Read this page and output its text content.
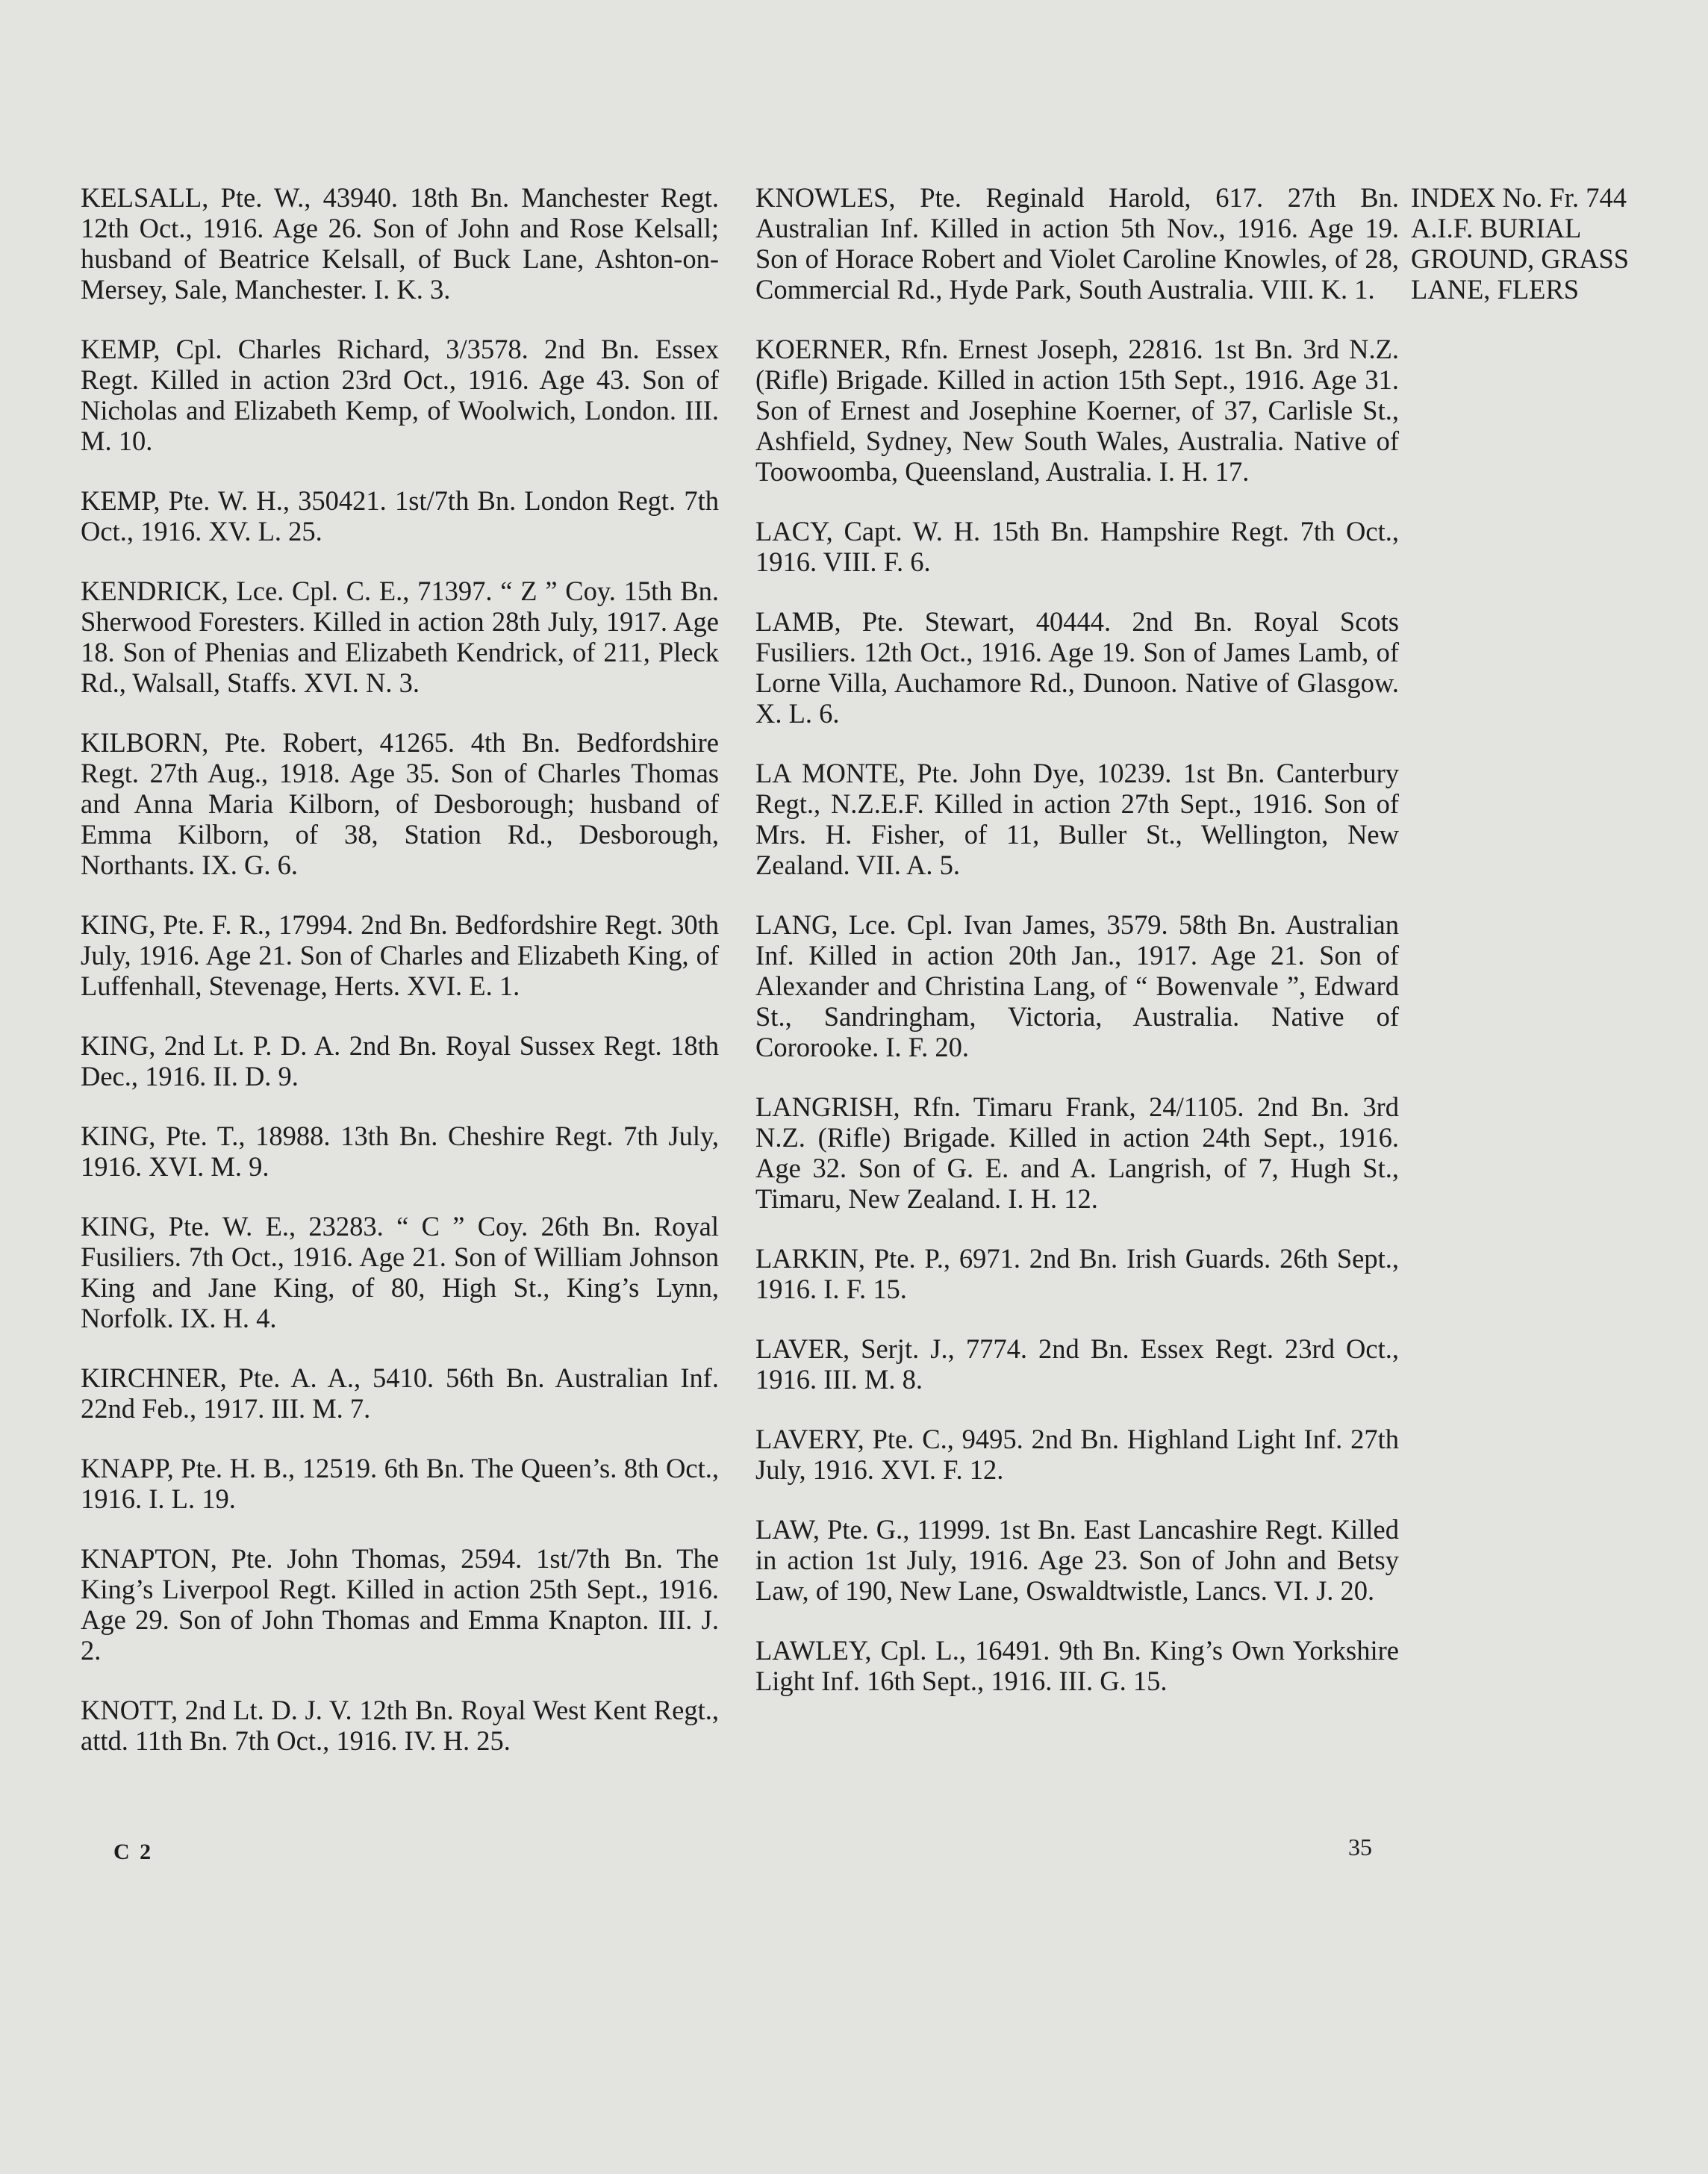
KELSALL, Pte. W., 43940. 18th Bn. Manchester Regt. 12th Oct., 1916. Age 26. Son of John and Rose Kelsall; husband of Beatrice Kelsall, of Buck Lane, Ashton-on-Mersey, Sale, Manchester. I. K. 3.

KEMP, Cpl. Charles Richard, 3/3578. 2nd Bn. Essex Regt. Killed in action 23rd Oct., 1916. Age 43. Son of Nicholas and Elizabeth Kemp, of Woolwich, London. III. M. 10.

KEMP, Pte. W. H., 350421. 1st/7th Bn. London Regt. 7th Oct., 1916. XV. L. 25.

KENDRICK, Lce. Cpl. C. E., 71397. “ Z ” Coy. 15th Bn. Sherwood Foresters. Killed in action 28th July, 1917. Age 18. Son of Phenias and Elizabeth Kendrick, of 211, Pleck Rd., Walsall, Staffs. XVI. N. 3.

KILBORN, Pte. Robert, 41265. 4th Bn. Bedfordshire Regt. 27th Aug., 1918. Age 35. Son of Charles Thomas and Anna Maria Kilborn, of Desborough; husband of Emma Kilborn, of 38, Station Rd., Desborough, Northants. IX. G. 6.

KING, Pte. F. R., 17994. 2nd Bn. Bedfordshire Regt. 30th July, 1916. Age 21. Son of Charles and Elizabeth King, of Luffenhall, Stevenage, Herts. XVI. E. 1.

KING, 2nd Lt. P. D. A. 2nd Bn. Royal Sussex Regt. 18th Dec., 1916. II. D. 9.

KING, Pte. T., 18988. 13th Bn. Cheshire Regt. 7th July, 1916. XVI. M. 9.

KING, Pte. W. E., 23283. “ C ” Coy. 26th Bn. Royal Fusiliers. 7th Oct., 1916. Age 21. Son of William Johnson King and Jane King, of 80, High St., King’s Lynn, Norfolk. IX. H. 4.

KIRCHNER, Pte. A. A., 5410. 56th Bn. Australian Inf. 22nd Feb., 1917. III. M. 7.

KNAPP, Pte. H. B., 12519. 6th Bn. The Queen’s. 8th Oct., 1916. I. L. 19.

KNAPTON, Pte. John Thomas, 2594. 1st/7th Bn. The King’s Liverpool Regt. Killed in action 25th Sept., 1916. Age 29. Son of John Thomas and Emma Knapton. III. J. 2.

KNOTT, 2nd Lt. D. J. V. 12th Bn. Royal West Kent Regt., attd. 11th Bn. 7th Oct., 1916. IV. H. 25.

KNOWLES, Pte. Reginald Harold, 617. 27th Bn. Australian Inf. Killed in action 5th Nov., 1916. Age 19. Son of Horace Robert and Violet Caroline Knowles, of 28, Commercial Rd., Hyde Park, South Australia. VIII. K. 1.

KOERNER, Rfn. Ernest Joseph, 22816. 1st Bn. 3rd N.Z. (Rifle) Brigade. Killed in action 15th Sept., 1916. Age 31. Son of Ernest and Josephine Koerner, of 37, Carlisle St., Ashfield, Sydney, New South Wales, Australia. Native of Toowoomba, Queensland, Australia. I. H. 17.

LACY, Capt. W. H. 15th Bn. Hampshire Regt. 7th Oct., 1916. VIII. F. 6.

LAMB, Pte. Stewart, 40444. 2nd Bn. Royal Scots Fusiliers. 12th Oct., 1916. Age 19. Son of James Lamb, of Lorne Villa, Auchamore Rd., Dunoon. Native of Glasgow. X. L. 6.

LA MONTE, Pte. John Dye, 10239. 1st Bn. Canterbury Regt., N.Z.E.F. Killed in action 27th Sept., 1916. Son of Mrs. H. Fisher, of 11, Buller St., Wellington, New Zealand. VII. A. 5.

LANG, Lce. Cpl. Ivan James, 3579. 58th Bn. Australian Inf. Killed in action 20th Jan., 1917. Age 21. Son of Alexander and Christina Lang, of “ Bowenvale ”, Edward St., Sandringham, Victoria, Australia. Native of Cororooke. I. F. 20.

LANGRISH, Rfn. Timaru Frank, 24/1105. 2nd Bn. 3rd N.Z. (Rifle) Brigade. Killed in action 24th Sept., 1916. Age 32. Son of G. E. and A. Langrish, of 7, Hugh St., Timaru, New Zealand. I. H. 12.

LARKIN, Pte. P., 6971. 2nd Bn. Irish Guards. 26th Sept., 1916. I. F. 15.

LAVER, Serjt. J., 7774. 2nd Bn. Essex Regt. 23rd Oct., 1916. III. M. 8.

LAVERY, Pte. C., 9495. 2nd Bn. Highland Light Inf. 27th July, 1916. XVI. F. 12.

LAW, Pte. G., 11999. 1st Bn. East Lancashire Regt. Killed in action 1st July, 1916. Age 23. Son of John and Betsy Law, of 190, New Lane, Oswaldtwistle, Lancs. VI. J. 20.

LAWLEY, Cpl. L., 16491. 9th Bn. King’s Own Yorkshire Light Inf. 16th Sept., 1916. III. G. 15.

INDEX No. Fr. 744
A.I.F. BURIAL
GROUND, GRASS
LANE, FLERS

C 2	35
